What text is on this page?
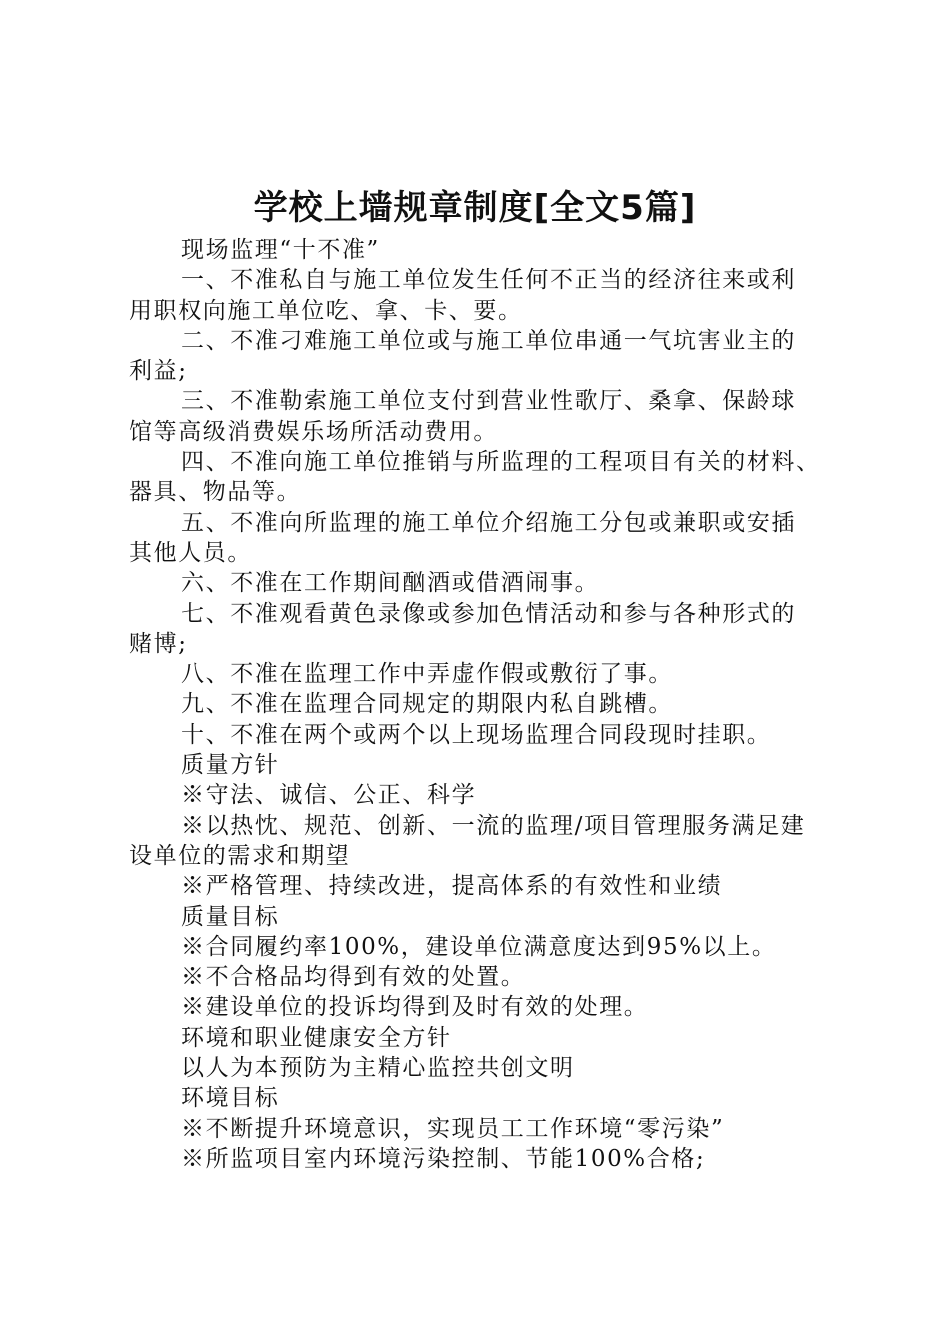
学校上墙规章制度[全文5篇]
现场监理“十不准”
一、不准私自与施工单位发生任何不正当的经济往来或利
用职权向施工单位吃、拿、卡、要。
二、不准刁难施工单位或与施工单位串通一气坑害业主的
利益;
三、不准勒索施工单位支付到营业性歌厅、桑拿、保龄球
馆等高级消费娱乐场所活动费用。
四、不准向施工单位推销与所监理的工程项目有关的材料、
器具、物品等。
五、不准向所监理的施工单位介绍施工分包或兼职或安插
其他人员。
六、不准在工作期间酗酒或借酒闹事。
七、不准观看黄色录像或参加色情活动和参与各种形式的
赌博;
八、不准在监理工作中弄虚作假或敷衍了事。
九、不准在监理合同规定的期限内私自跳槽。
十、不准在两个或两个以上现场监理合同段现时挂职。
质量方针
※守法、诚信、公正、科学
※以热忱、规范、创新、一流的监理/项目管理服务满足建
设单位的需求和期望
※严格管理、持续改进，提高体系的有效性和业绩
质量目标
※合同履约率100%，建设单位满意度达到95%以上。
※不合格品均得到有效的处置。
※建设单位的投诉均得到及时有效的处理。
环境和职业健康安全方针
以人为本预防为主精心监控共创文明
环境目标
※不断提升环境意识，实现员工工作环境“零污染”
※所监项目室内环境污染控制、节能100%合格;
